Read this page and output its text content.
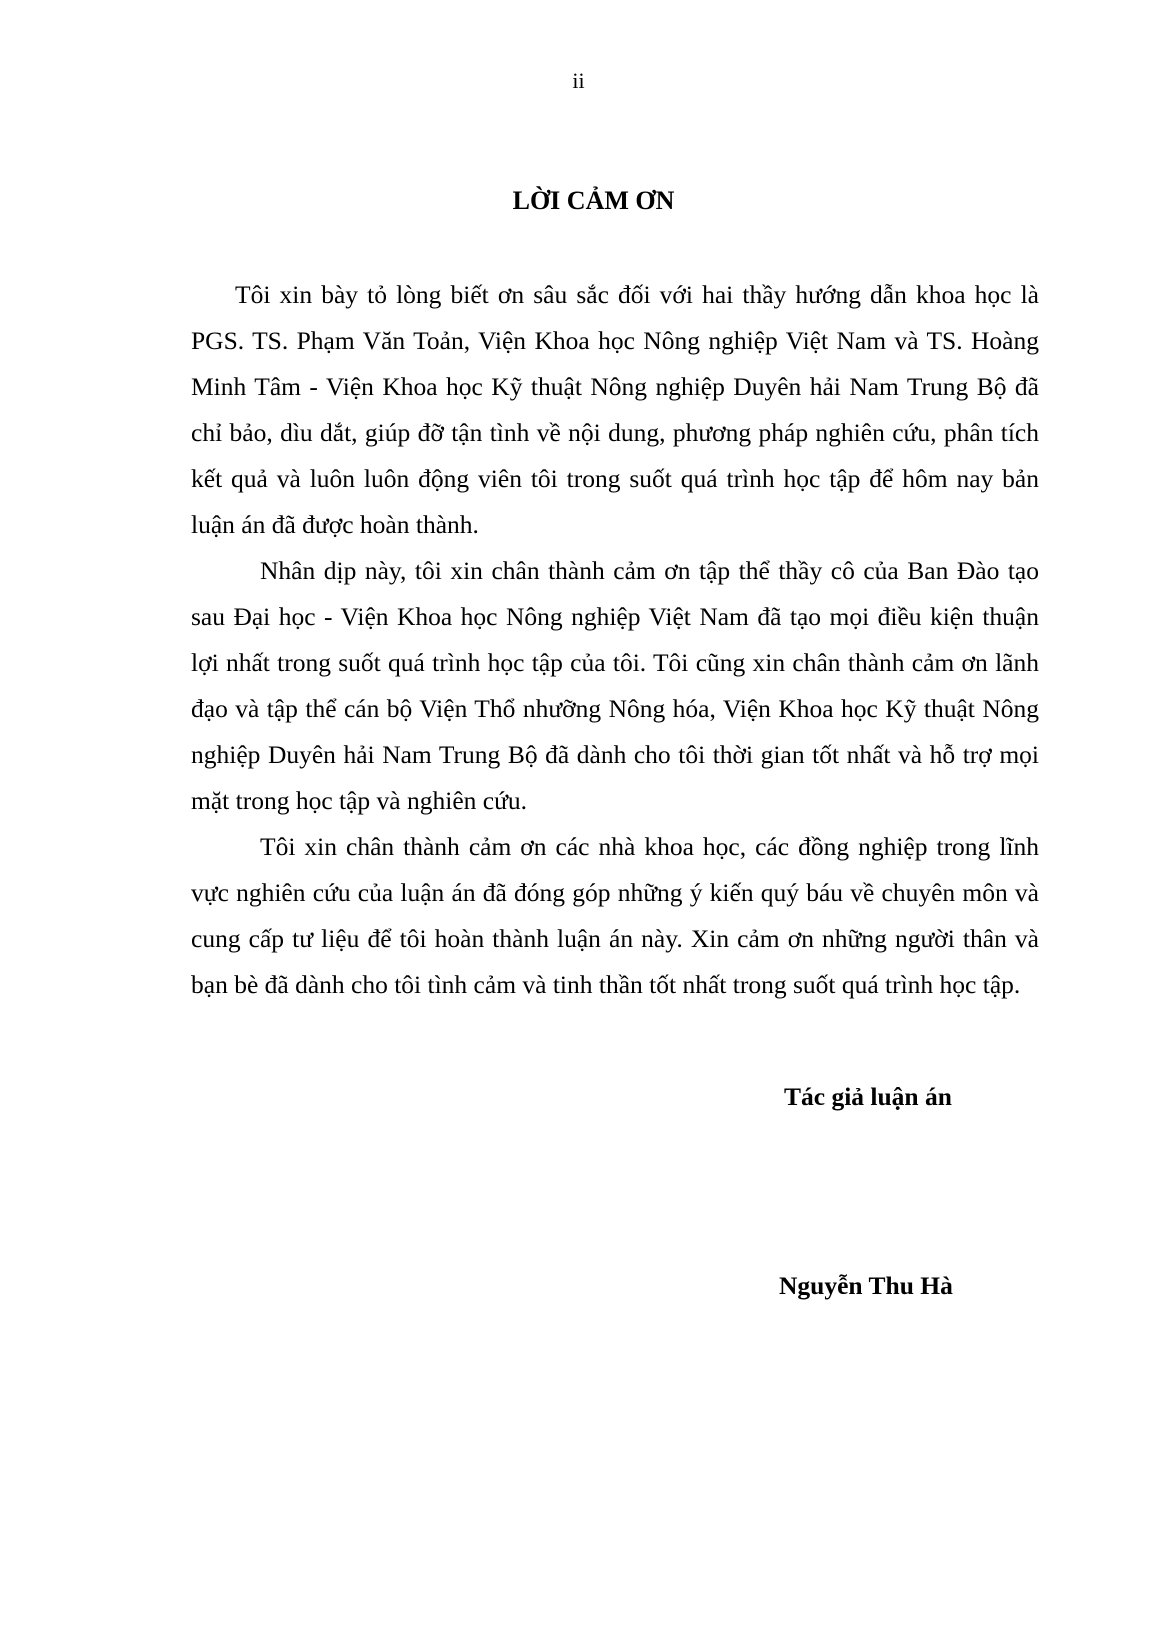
ii
LỜI CẢM ƠN

Tôi xin bày tỏ lòng biết ơn sâu sắc đối với hai thầy hướng dẫn khoa học là PGS. TS. Phạm Văn Toản, Viện Khoa học Nông nghiệp Việt Nam và TS. Hoàng Minh Tâm - Viện Khoa học Kỹ thuật Nông nghiệp Duyên hải Nam Trung Bộ đã chỉ bảo, dìu dắt, giúp đỡ tận tình về nội dung, phương pháp nghiên cứu, phân tích kết quả và luôn luôn động viên tôi trong suốt quá trình học tập để hôm nay bản luận án đã được hoàn thành.

Nhân dịp này, tôi xin chân thành cảm ơn tập thể thầy cô của Ban Đào tạo sau Đại học - Viện Khoa học Nông nghiệp Việt Nam đã tạo mọi điều kiện thuận lợi nhất trong suốt quá trình học tập của tôi. Tôi cũng xin chân thành cảm ơn lãnh đạo và tập thể cán bộ Viện Thổ nhưỡng Nông hóa, Viện Khoa học Kỹ thuật Nông nghiệp Duyên hải Nam Trung Bộ đã dành cho tôi thời gian tốt nhất và hỗ trợ mọi mặt trong học tập và nghiên cứu.

Tôi xin chân thành cảm ơn các nhà khoa học, các đồng nghiệp trong lĩnh vực nghiên cứu của luận án đã đóng góp những ý kiến quý báu về chuyên môn và cung cấp tư liệu để tôi hoàn thành luận án này. Xin cảm ơn những người thân và bạn bè đã dành cho tôi tình cảm và tinh thần tốt nhất trong suốt quá trình học tập.

Tác giả luận án
Nguyễn Thu Hà
